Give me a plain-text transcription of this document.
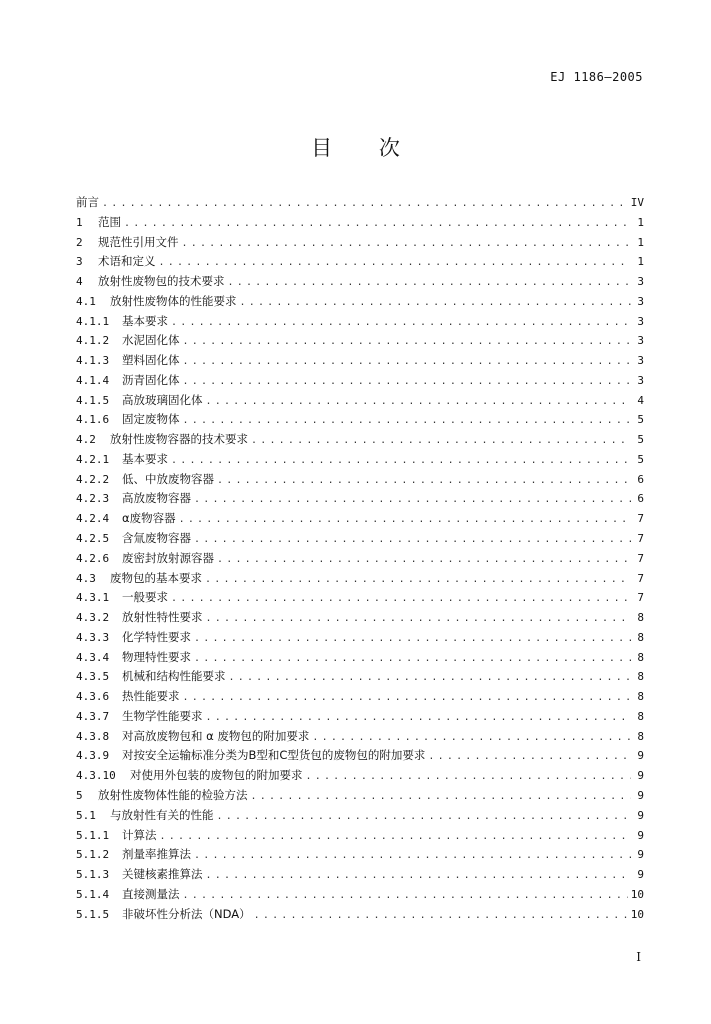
EJ 1186—2005
目 次
前言 .....	IV
1	范围 .....	1
2	规范性引用文件 .....	1
3	术语和定义 .....	1
4	放射性废物包的技术要求 .....	3
4.1	放射性废物体的性能要求 .....	3
4.1.1	基本要求 .....	3
4.1.2	水泥固化体 .....	3
4.1.3	塑料固化体 .....	3
4.1.4	沥青固化体 .....	3
4.1.5	高放玻璃固化体 .....	4
4.1.6	固定废物体 .....	5
4.2	放射性废物容器的技术要求 .....	5
4.2.1	基本要求 .....	5
4.2.2	低、中放废物容器 .....	6
4.2.3	高放废物容器 .....	6
4.2.4	α废物容器 .....	7
4.2.5	含氚废物容器 .....	7
4.2.6	废密封放射源容器 .....	7
4.3	废物包的基本要求 .....	7
4.3.1	一般要求 .....	7
4.3.2	放射性特性要求 .....	8
4.3.3	化学特性要求 .....	8
4.3.4	物理特性要求 .....	8
4.3.5	机械和结构性能要求 .....	8
4.3.6	热性能要求 .....	8
4.3.7	生物学性能要求 .....	8
4.3.8	对高放废物包和 α 废物包的附加要求 .....	8
4.3.9	对按安全运输标准分类为B型和C型货包的废物包的附加要求 .....	9
4.3.10	对使用外包装的废物包的附加要求 .....	9
5	放射性废物体性能的检验方法 .....	9
5.1	与放射性有关的性能 .....	9
5.1.1	计算法 .....	9
5.1.2	剂量率推算法 .....	9
5.1.3	关键核素推算法 .....	9
5.1.4	直接测量法 .....	10
5.1.5	非破坏性分析法（NDA） .....	10
I
